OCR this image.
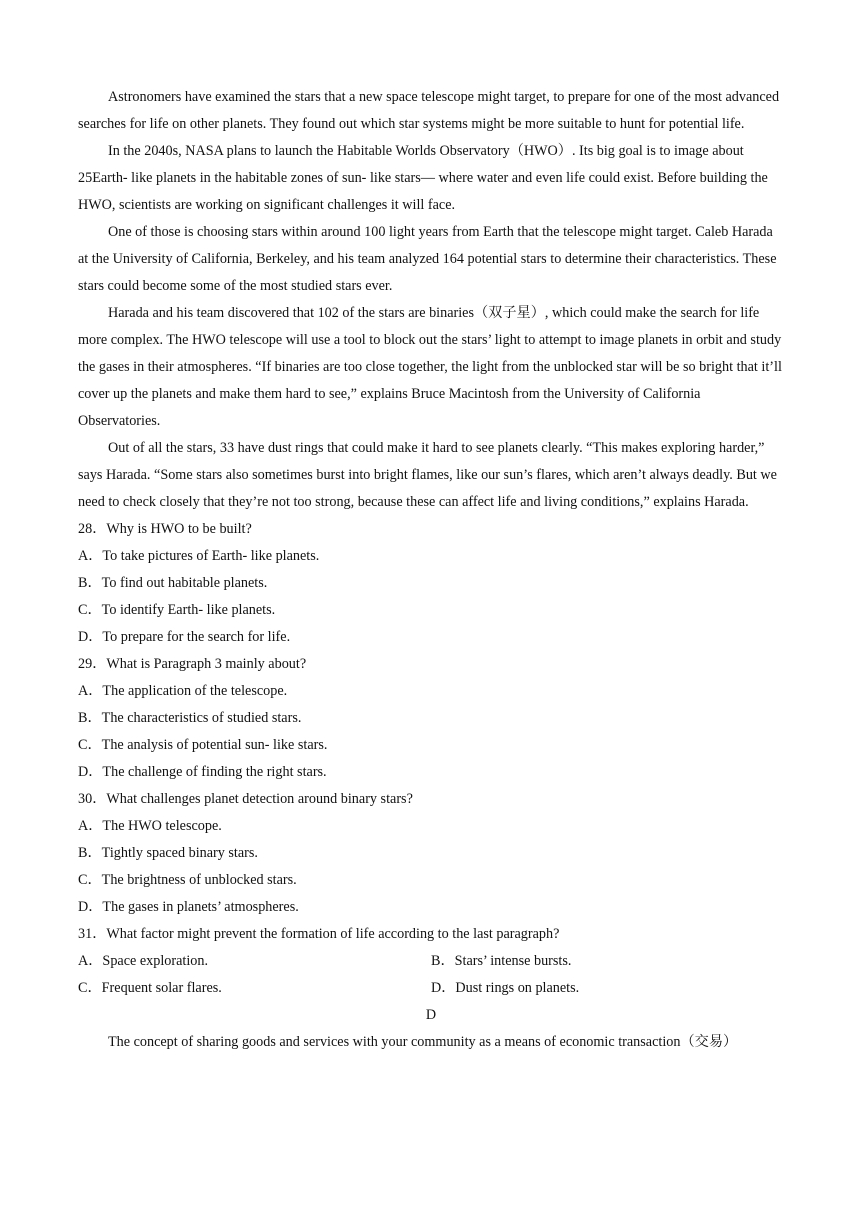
Astronomers have examined the stars that a new space telescope might target, to prepare for one of the most advanced searches for life on other planets. They found out which star systems might be more suitable to hunt for potential life.

In the 2040s, NASA plans to launch the Habitable Worlds Observatory（HWO）. Its big goal is to image about 25Earth- like planets in the habitable zones of sun- like stars— where water and even life could exist. Before building the HWO, scientists are working on significant challenges it will face.

One of those is choosing stars within around 100 light years from Earth that the telescope might target. Caleb Harada at the University of California, Berkeley, and his team analyzed 164 potential stars to determine their characteristics. These stars could become some of the most studied stars ever.

Harada and his team discovered that 102 of the stars are binaries（双子星）, which could make the search for life more complex. The HWO telescope will use a tool to block out the stars’ light to attempt to image planets in orbit and study the gases in their atmospheres. “If binaries are too close together, the light from the unblocked star will be so bright that it’ll cover up the planets and make them hard to see,” explains Bruce Macintosh from the University of California Observatories.

Out of all the stars, 33 have dust rings that could make it hard to see planets clearly. “This makes exploring harder,” says Harada. “Some stars also sometimes burst into bright flames, like our sun’s flares, which aren’t always deadly. But we need to check closely that they’re not too strong, because these can affect life and living conditions,” explains Harada.

28．Why is HWO to be built?

A．To take pictures of Earth- like planets.

B．To find out habitable planets.

C．To identify Earth- like planets.

D．To prepare for the search for life.

29．What is Paragraph 3 mainly about?

A．The application of the telescope.

B．The characteristics of studied stars.

C．The analysis of potential sun- like stars.

D．The challenge of finding the right stars.

30．What challenges planet detection around binary stars?

A．The HWO telescope.

B．Tightly spaced binary stars.

C．The brightness of unblocked stars.

D．The gases in planets’ atmospheres.

31．What factor might prevent the formation of life according to the last paragraph?

A．Space exploration.	B．Stars’ intense bursts.
C．Frequent solar flares.	D．Dust rings on planets.

D

The concept of sharing goods and services with your community as a means of economic transaction（交易）
